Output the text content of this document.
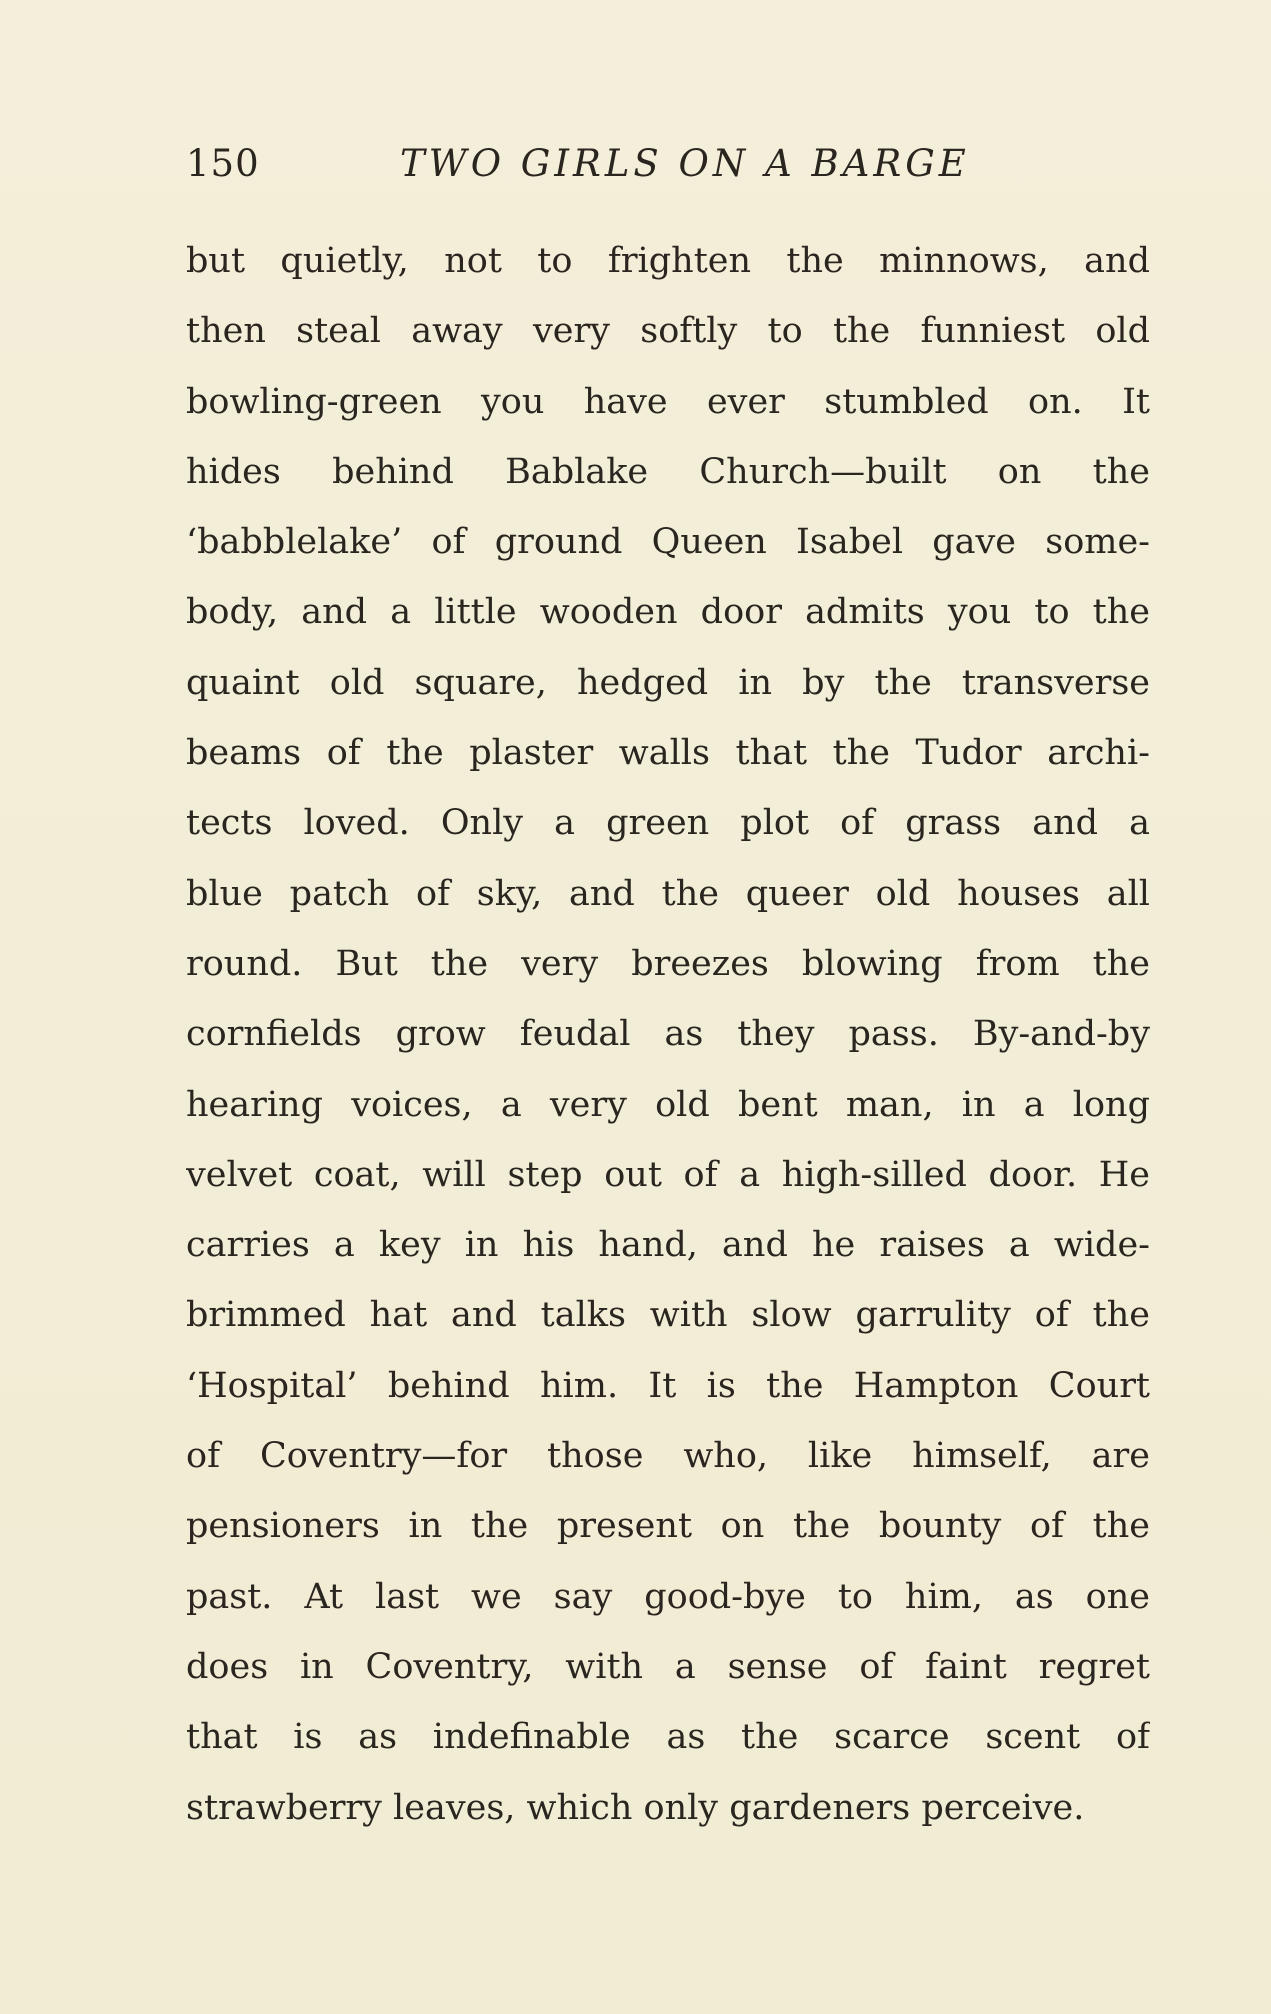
150	TWO GIRLS ON A BARGE
but quietly, not to frighten the minnows, and
then steal away very softly to the funniest old
bowling-green you have ever stumbled on. It
hides behind Bablake Church—built on the
‘babblelake’ of ground Queen Isabel gave some-
body, and a little wooden door admits you to the
quaint old square, hedged in by the transverse
beams of the plaster walls that the Tudor archi-
tects loved. Only a green plot of grass and a
blue patch of sky, and the queer old houses all
round. But the very breezes blowing from the
cornfields grow feudal as they pass. By-and-by
hearing voices, a very old bent man, in a long
velvet coat, will step out of a high-silled door. He
carries a key in his hand, and he raises a wide-
brimmed hat and talks with slow garrulity of the
‘Hospital’ behind him. It is the Hampton Court
of Coventry—for those who, like himself, are
pensioners in the present on the bounty of the
past. At last we say good-bye to him, as one
does in Coventry, with a sense of faint regret
that is as indefinable as the scarce scent of
strawberry leaves, which only gardeners perceive.
